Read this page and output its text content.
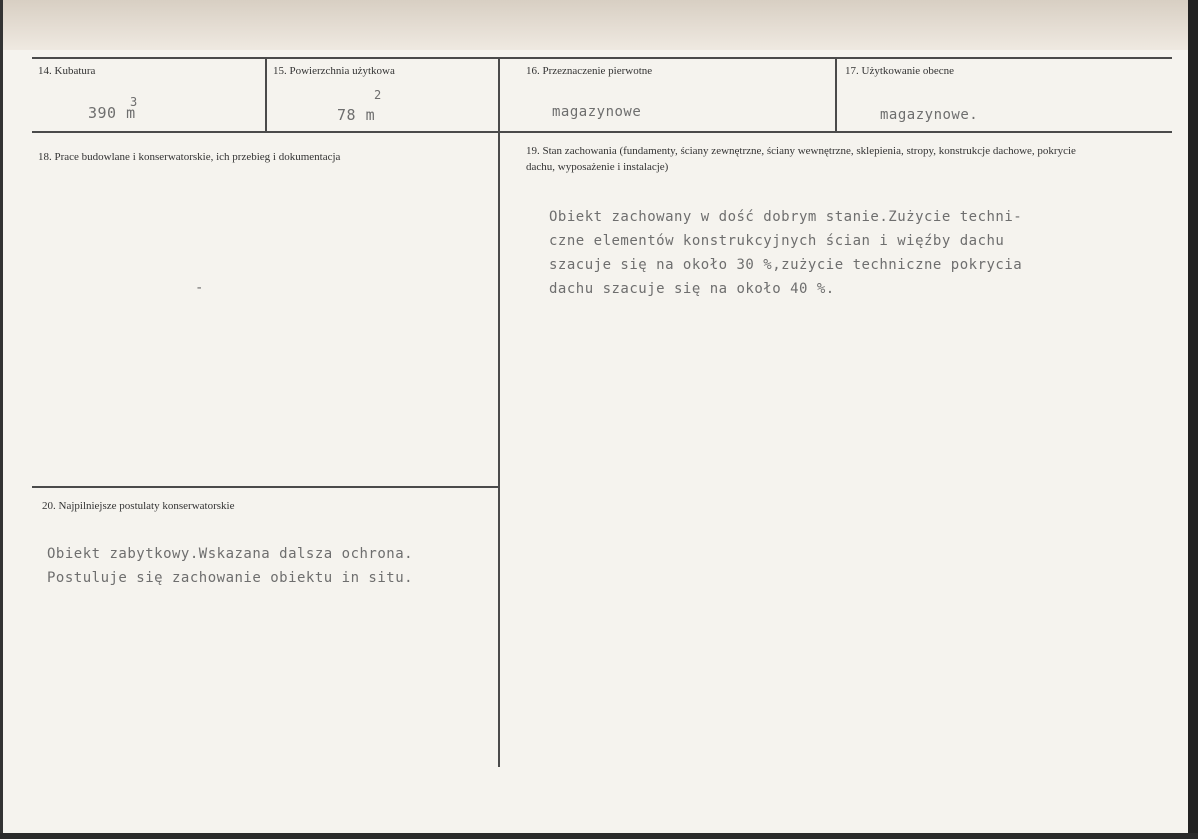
14. Kubatura
390 m
3
15. Powierzchnia użytkowa
2
78 m
16. Przeznaczenie pierwotne
magazynowe
17. Użytkowanie obecne
magazynowe.
18. Prace budowlane i konserwatorskie, ich przebieg i dokumentacja
-
19. Stan zachowania (fundamenty, ściany zewnętrzne, ściany wewnętrzne, sklepienia, stropy, konstrukcje dachowe, pokrycie dachu, wyposażenie i instalacje)
Obiekt zachowany w dość dobrym stanie.Zużycie techni-
czne elementów konstrukcyjnych ścian i więźby dachu
szacuje się na około 30 %,zużycie techniczne pokrycia
dachu szacuje się na około 40 %.
20. Najpilniejsze postulaty konserwatorskie
Obiekt zabytkowy.Wskazana dalsza ochrona.
Postuluje się zachowanie obiektu in situ.
